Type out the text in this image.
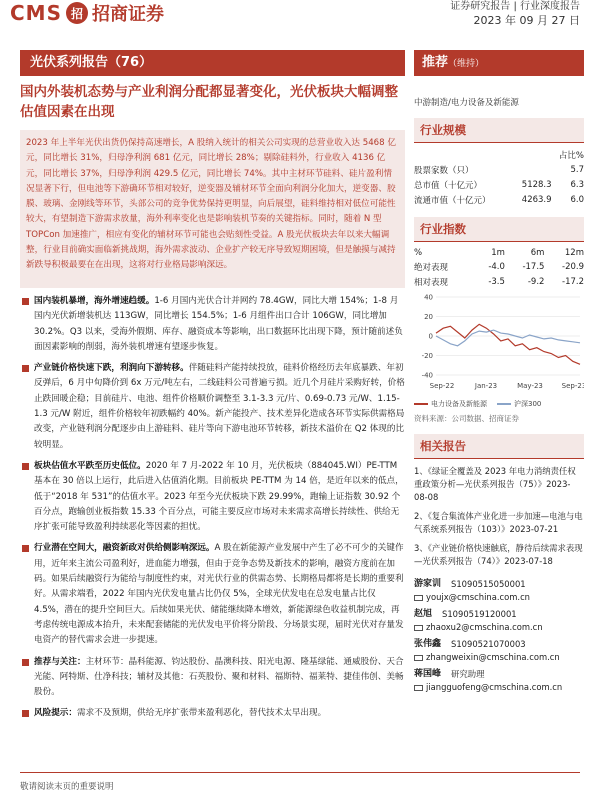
CMS 招 招商证券	证券研究报告 | 行业深度报告
2023 年 09 月 27 日
光伏系列报告（76）
国内外装机态势与产业利润分配都显著变化，光伏板块大幅调整估值因素在出现
2023 年上半年光伏出货仍保持高速增长，A 股纳入统计的相关公司实现的总营业收入达 5468 亿元，同比增长 31%，归母净利润 681 亿元，同比增长 28%；剔除硅料外，行业收入 4136 亿元，同比增长 37%，归母净利润 429.5 亿元，同比增长 74%。其中主材环节硅料、硅片盈利情况显著下行，但电池等下游确环节相对较好，逆变器及辅材环节全面向利润分化加大，逆变器、胶膜、玻璃、金刚线等环节，头部公司的竞争优势保持更明显，向后展望，硅料维持相对低位可能性较大，有望制造下游需求放量，海外利率变化也是影响装机节奏的关键指标。同时，随着 N 型 TOPCon 加速推广，相应有变化的辅材环节可能也会贴刻性受益。A 股光伏板块去年以来大幅调整，行业目前确实面临新挑战期，海外需求波动、企业扩产较无序导致短期困境，但是触摸与减持新跌导积极最要在在出现，这将对行业格局影响深远。
国内装机暴增，海外增速趋缓。1-6 月国内光伏合计并网约 78.4GW，同比大增 154%；1-8 月国内光伏新增装机达 113GW，同比增长 154.5%；1-6 月组件出口合计 106GW，同比增加 30.2%。Q3 以来，受海外假期、库存、融资成本等影响，出口数据环比出现下降，预计随前述负面因素影响的削弱，海外装机增速有望逐步恢复。
产业链价格快速下跌，利润向下游转移。伴随硅料产能持续投放，硅料价格经历去年底暴跌、年初反弹后，6 月中旬降价到 6x 万元/吨左右，二线硅料公司普遍亏损。近几个月硅片采购好转，价格止跌回暖企稳；目前硅片、电池、组件价格顺价调整至 3.1-3.3 元/片、0.69-0.73 元/W、1.15-1.3 元/W 附近，组件价格较年初跌幅约 40%。新产能投产、技术差异化造成各环节实际供需格局改变，产业链利润分配逐步由上游硅料、硅片等向下游电池环节转移，新技术溢价在 Q2 体现的比较明显。
板块估值水平跌至历史低位。2020 年 7 月-2022 年 10 月，光伏板块（884045.WI）PE-TTM 基本在 30 倍以上运行，此后进入估值消化期。目前板块 PE-TTM 为 14 倍，是近年以来的低点，低于“2018 年 531”的估值水平。2023 年至今光伏板块下跌 29.99%，跑输上证指数 30.92 个百分点，跑输创业板指数 15.33 个百分点，可能主要反应市场对未来需求高增长持续性、供给无序扩张可能导致盈利持续恶化等因素的担忧。
行业潜在空间大，融资新政对供给侧影响深远。A 股在新能源产业发展中产生了必不可少的关键作用，近年来主流公司盈利好，进血能力增强，但由于竞争态势及新技术的影响，融资方度前在加码。如果后续融资行为能给与制度性约束，对光伏行业的供需态势、长期格局都将是长期的重要利好。从需求端看，2022 年国内光伏发电量占比仍仅 5%，全球光伏发电在总发电量占比仅 4.5%，潜在的提升空间巨大。后续如果光伏、储能继续降本增效，新能源绿色收益机制完成，再考虑传统电源成本抬升，未来配套储能的光伏发电平价将分阶段、分场景实现，届时光伏对存量发电资产的替代需求会进一步提速。
推荐与关注：主材环节：晶科能源、钧达股份、晶澳科技、阳光电源、隆基绿能、通威股份、天合光能、阿特斯、仕净科技；辅材及其他：石英股份、聚和材料、福斯特、福莱特、捷佳伟创、美畅股份。
风险提示：需求不及预期，供给无序扩张带来盈利恶化，替代技术太早出现。
推荐（维持）
中游制造/电力设备及新能源
行业规模
		占比%
股票家数（只）		5.7
总市值（十亿元）	5128.3	6.3
流通市值（十亿元）	4263.9	6.0
行业指数
%	1m	6m	12m
绝对表现	-4.0	-17.5	-20.9
相对表现	-3.5	-9.2	-17.2
40
20
0
-20
-40
Sep-22	Jan-23	May-23	Sep-23
电力设备及新能源	沪深300
资料来源：公司数据、招商证券
相关报告
1、《绿证全覆盖及 2023 年电力消纳责任权重政策分析—光伏系列报告（75）》2023-08-08
2、《复合集流体产业化进一步加速—电池与电气系统系列报告（103）》2023-07-21
3、《产业链价格快速触底，静待后续需求表现—光伏系列报告（74）》2023-07-18
游家训 S1090515050001
youjx@cmschina.com.cn
赵旭 S1090519120001
zhaoxu2@cmschina.com.cn
张伟鑫 S1090521070003
zhangweixin@cmschina.com.cn
蒋国峰 研究助理
jiangguofeng@cmschina.com.cn
敬请阅读末页的重要说明
